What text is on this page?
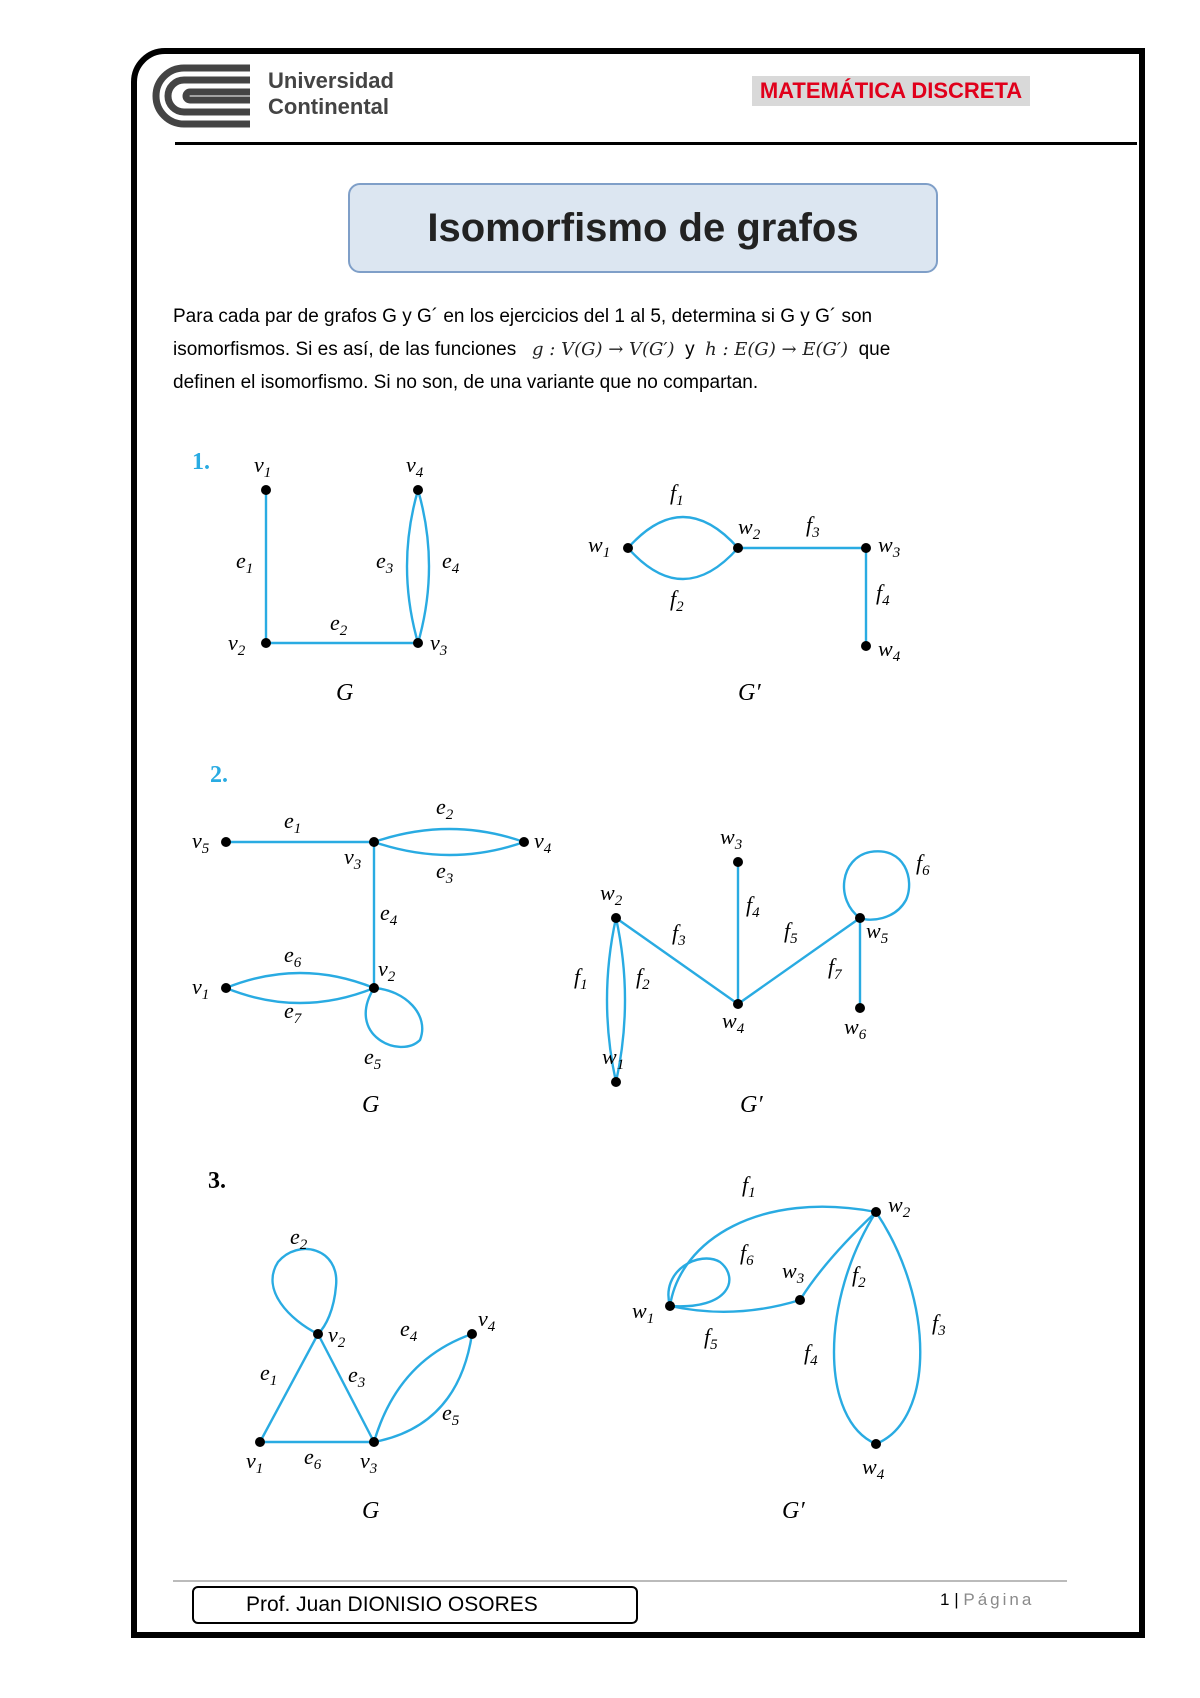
Universidad
Continental
MATEMÁTICA DISCRETA
Isomorfismo de grafos

Para cada par de grafos G y G´ en los ejercicios del 1 al 5, determina si G y G´ son

isomorfismos. Si es así, de las funciones g : V(G) → V(G′) y h : E(G) → E(G′) que

definen el isomorfismo. Si no son, de una variante que no compartan.

1. $v_1$
$v_2$	$v_3$
$v_4$
$e_1$
$e_2$
$e_3$ $e_4$
G
$w_1$
$w_2$	$w_3$
$w_4$
$f_1$
$f_2$
$f_3$
$f_4$
G′
2.
$v_5$	$v_3$
$v_4$
$v_2$
$v_1$
$e_1$
$e_2$
$e_3$
$e_4$
$e_5$
$e_6$
$e_7$
G
$w_2$
$w_1$
$w_3$
$w_4$
$w_5$
$w_6$
$f_1$ $f_2$
$f_3$
$f_4$
$f_5$
$f_6$
$f_7$
G′
3.
$v_1$
$v_2$
$v_3$
$v_4$
$e_1$
$e_2$
$e_3$
$e_4$
$e_5$
$e_6$
G
$w_1$
$w_2$
$w_3$
$w_4$
$f_1$
$f_2$
$f_3$
$f_4$
$f_5$
$f_6$
G′
Prof. Juan DIONISIO OSORES	1 | Página
